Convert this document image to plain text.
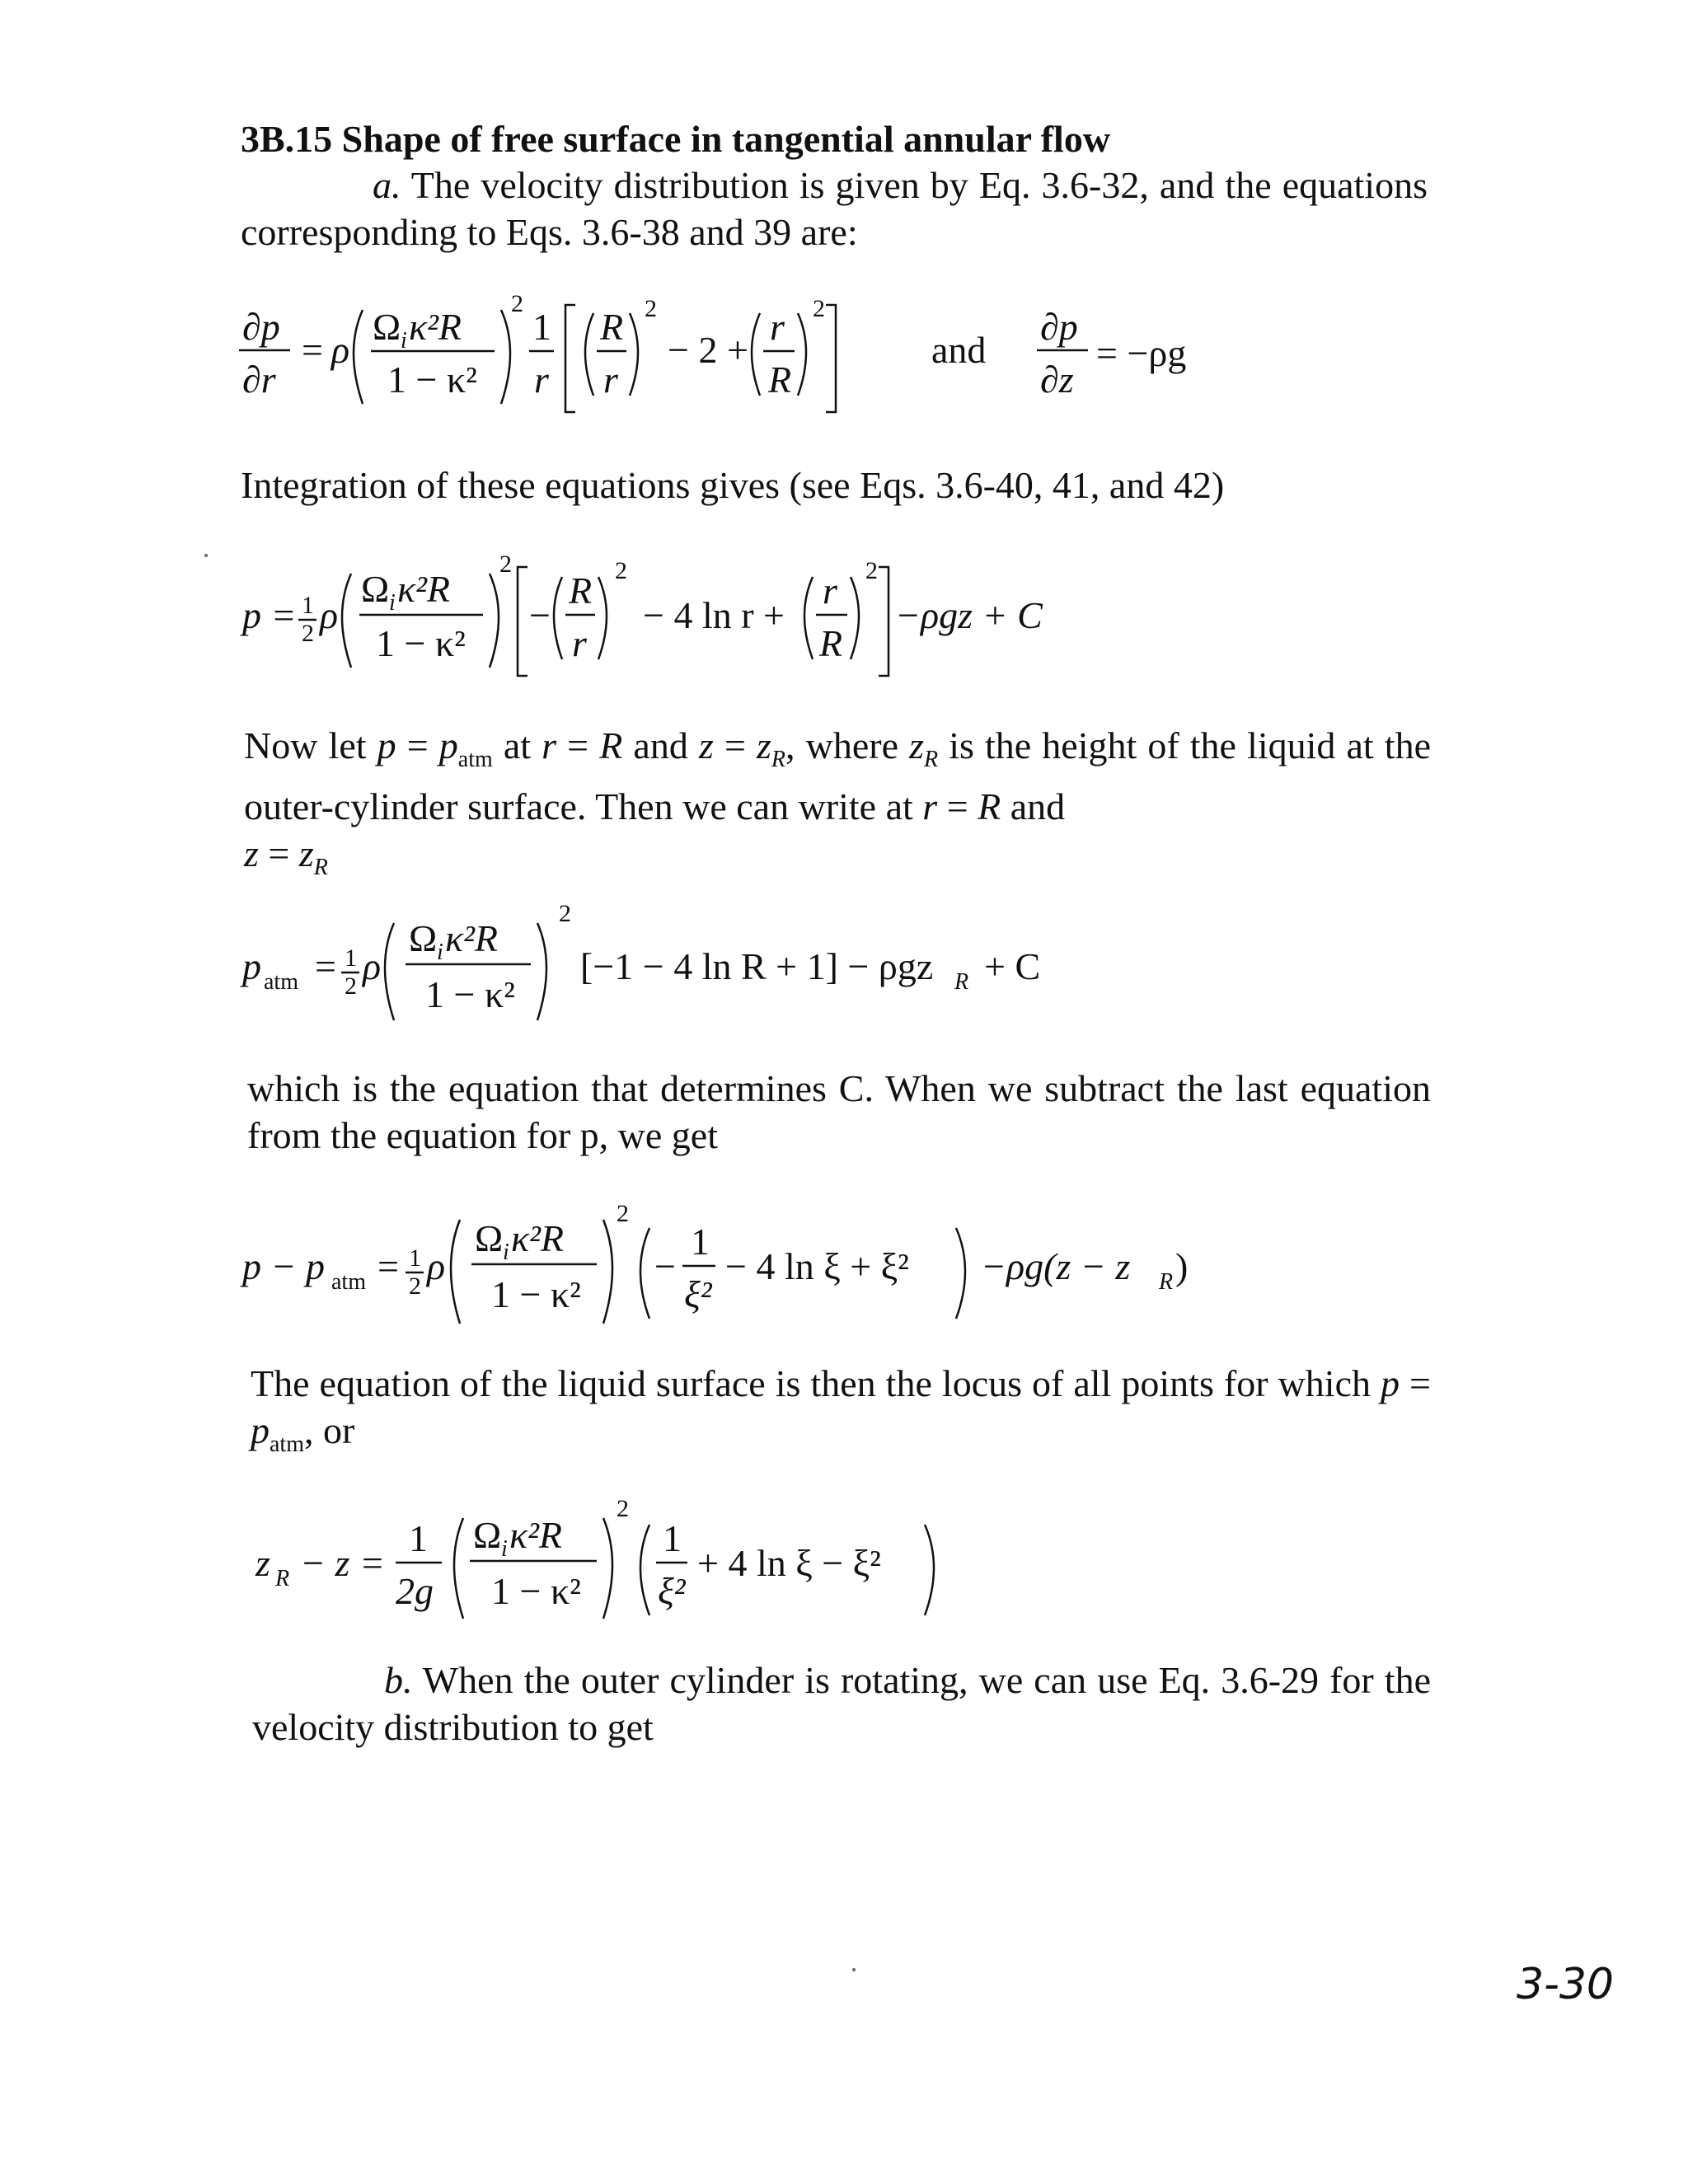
3B.15 Shape of free surface in tangential annular flow
a. The velocity distribution is given by Eq. 3.6-32, and the equations corresponding to Eqs. 3.6-38 and 39 are:
∂p
∂r
= ρ
Ω i κ²R
1 − κ²
2
1
r
R
r
2
− 2 +
r
R
2
and
∂p
∂z
= −ρg
Integration of these equations gives (see Eqs. 3.6-40, 41, and 42)
p = 1
2 ρ
Ω i κ²R
1 − κ²
2
−
R
r
2
− 4 ln r +
r
R
2
−ρgz + C
Now let $p = p_{atm}$ at r = R and $z = z_R$, where $z_R$ is the height of the liquid at the outer-cylinder surface. Then we can write at r = R and
$z = z_R$
p atm = 1
2 ρ
Ω i κ²R
1 − κ²
2
[−1 − 4 ln R + 1] − ρgz R + C
which is the equation that determines C. When we subtract the last equation from the equation for p, we get
p − p atm = 1
2 ρ
Ω i κ²R
1 − κ²
2
−
1
ξ²
− 4 ln ξ + ξ² −ρg(z − z R )
The equation of the liquid surface is then the locus of all points for which $p = p_{atm}$, or
z R − z =
1
2g
Ω i κ²R
1 − κ²
2
1
ξ²
+ 4 ln ξ − ξ²
b. When the outer cylinder is rotating, we can use Eq. 3.6-29 for the velocity distribution to get
3-30
